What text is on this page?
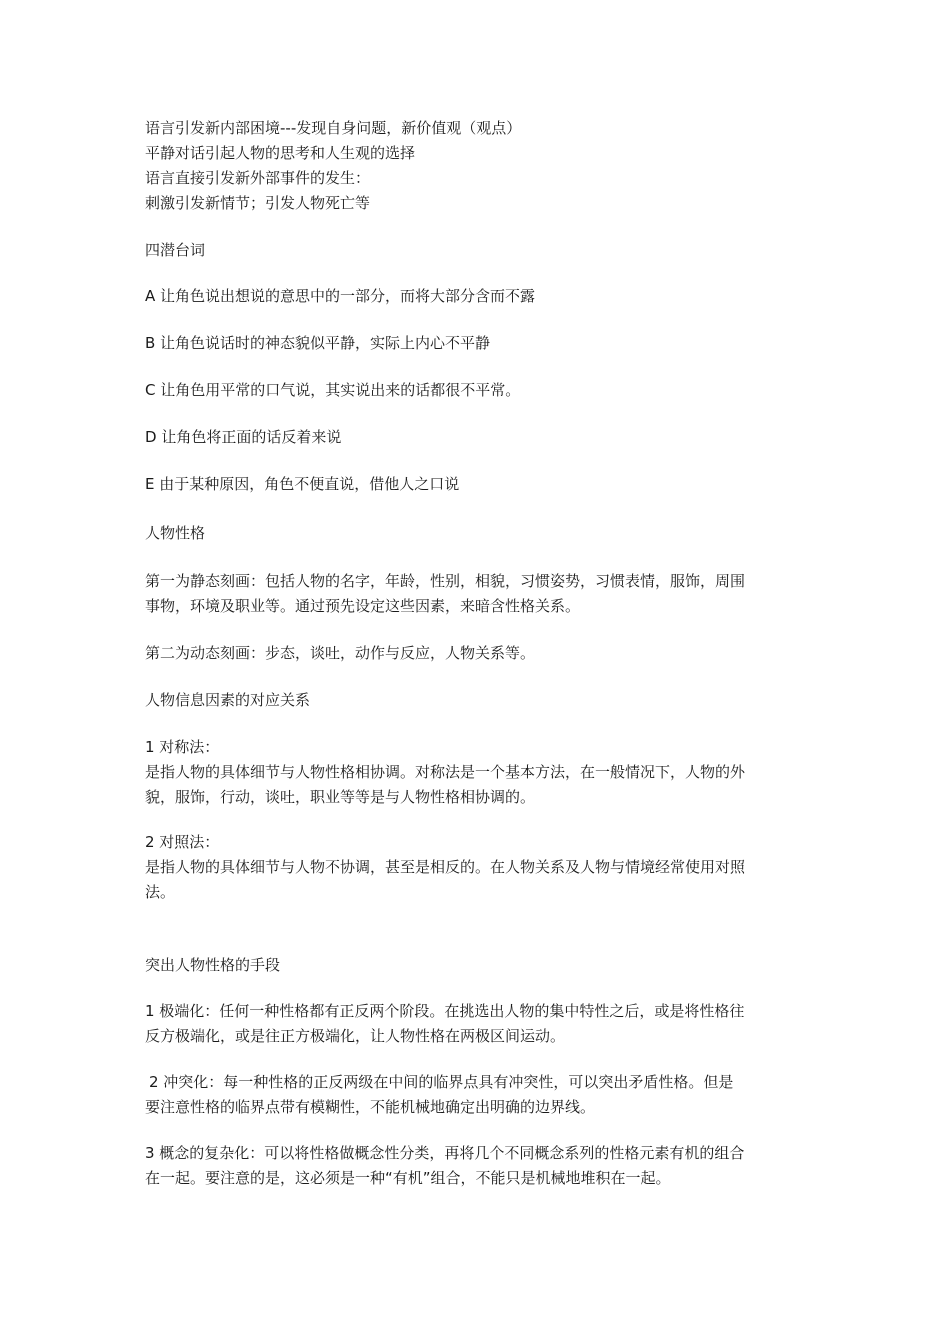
语言引发新内部困境---发现自身问题，新价值观（观点）
平静对话引起人物的思考和人生观的选择
语言直接引发新外部事件的发生：
刺激引发新情节；引发人物死亡等
四潜台词
A 让角色说出想说的意思中的一部分，而将大部分含而不露
B 让角色说话时的神态貌似平静，实际上内心不平静
C 让角色用平常的口气说，其实说出来的话都很不平常。
D 让角色将正面的话反着来说
E 由于某种原因，角色不便直说，借他人之口说
人物性格
第一为静态刻画：包括人物的名字，年龄，性别，相貌，习惯姿势，习惯表情，服饰，周围
事物，环境及职业等。通过预先设定这些因素，来暗含性格关系。
第二为动态刻画：步态，谈吐，动作与反应，人物关系等。
人物信息因素的对应关系
1 对称法：
是指人物的具体细节与人物性格相协调。对称法是一个基本方法，在一般情况下，人物的外
貌，服饰，行动，谈吐，职业等等是与人物性格相协调的。
2 对照法：
是指人物的具体细节与人物不协调，甚至是相反的。在人物关系及人物与情境经常使用对照
法。
突出人物性格的手段
1 极端化：任何一种性格都有正反两个阶段。在挑选出人物的集中特性之后，或是将性格往
反方极端化，或是往正方极端化，让人物性格在两极区间运动。
2 冲突化：每一种性格的正反两级在中间的临界点具有冲突性，可以突出矛盾性格。但是
要注意性格的临界点带有模糊性，不能机械地确定出明确的边界线。
3 概念的复杂化：可以将性格做概念性分类，再将几个不同概念系列的性格元素有机的组合
在一起。要注意的是，这必须是一种“有机”组合，不能只是机械地堆积在一起。
